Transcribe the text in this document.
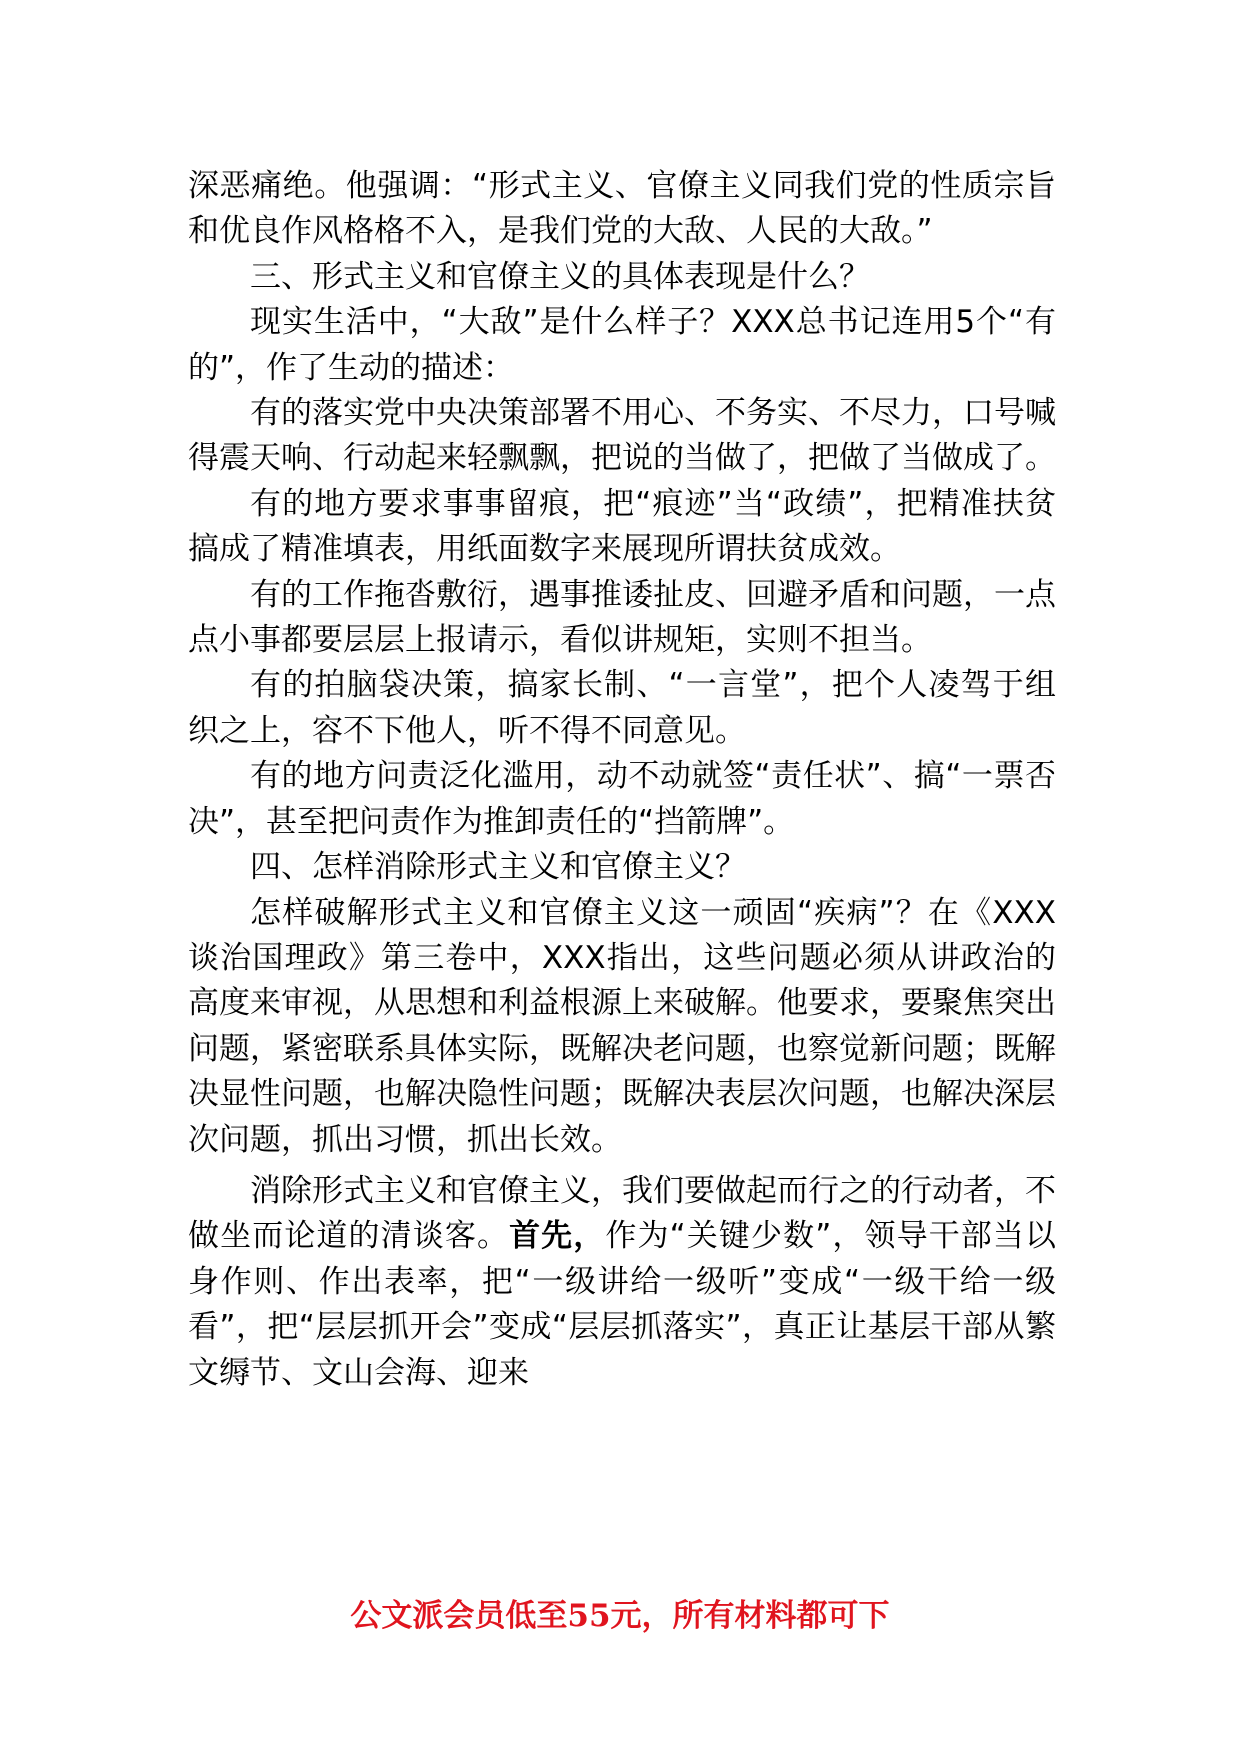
深恶痛绝。他强调：“形式主义、官僚主义同我们党的性质宗旨和优良作风格格不入，是我们党的大敌、人民的大敌。”

三、形式主义和官僚主义的具体表现是什么？

现实生活中，“大敌”是什么样子？XXX总书记连用5个“有的”，作了生动的描述：

有的落实党中央决策部署不用心、不务实、不尽力，口号喊得震天响、行动起来轻飘飘，把说的当做了，把做了当做成了。

有的地方要求事事留痕，把“痕迹”当“政绩”，把精准扶贫搞成了精准填表，用纸面数字来展现所谓扶贫成效。

有的工作拖沓敷衍，遇事推诿扯皮、回避矛盾和问题，一点点小事都要层层上报请示，看似讲规矩，实则不担当。

有的拍脑袋决策，搞家长制、“一言堂”，把个人凌驾于组织之上，容不下他人，听不得不同意见。

有的地方问责泛化滥用，动不动就签“责任状”、搞“一票否决”，甚至把问责作为推卸责任的“挡箭牌”。

四、怎样消除形式主义和官僚主义？

怎样破解形式主义和官僚主义这一顽固“疾病”？在《XXX谈治国理政》第三卷中，XXX指出，这些问题必须从讲政治的高度来审视，从思想和利益根源上来破解。他要求，要聚焦突出问题，紧密联系具体实际，既解决老问题，也察觉新问题；既解决显性问题，也解决隐性问题；既解决表层次问题，也解决深层次问题，抓出习惯，抓出长效。

消除形式主义和官僚主义，我们要做起而行之的行动者，不做坐而论道的清谈客。首先，作为“关键少数”，领导干部当以身作则、作出表率，把“一级讲给一级听”变成“一级干给一级看”，把“层层抓开会”变成“层层抓落实”，真正让基层干部从繁文缛节、文山会海、迎来

公文派会员低至55元，所有材料都可下
